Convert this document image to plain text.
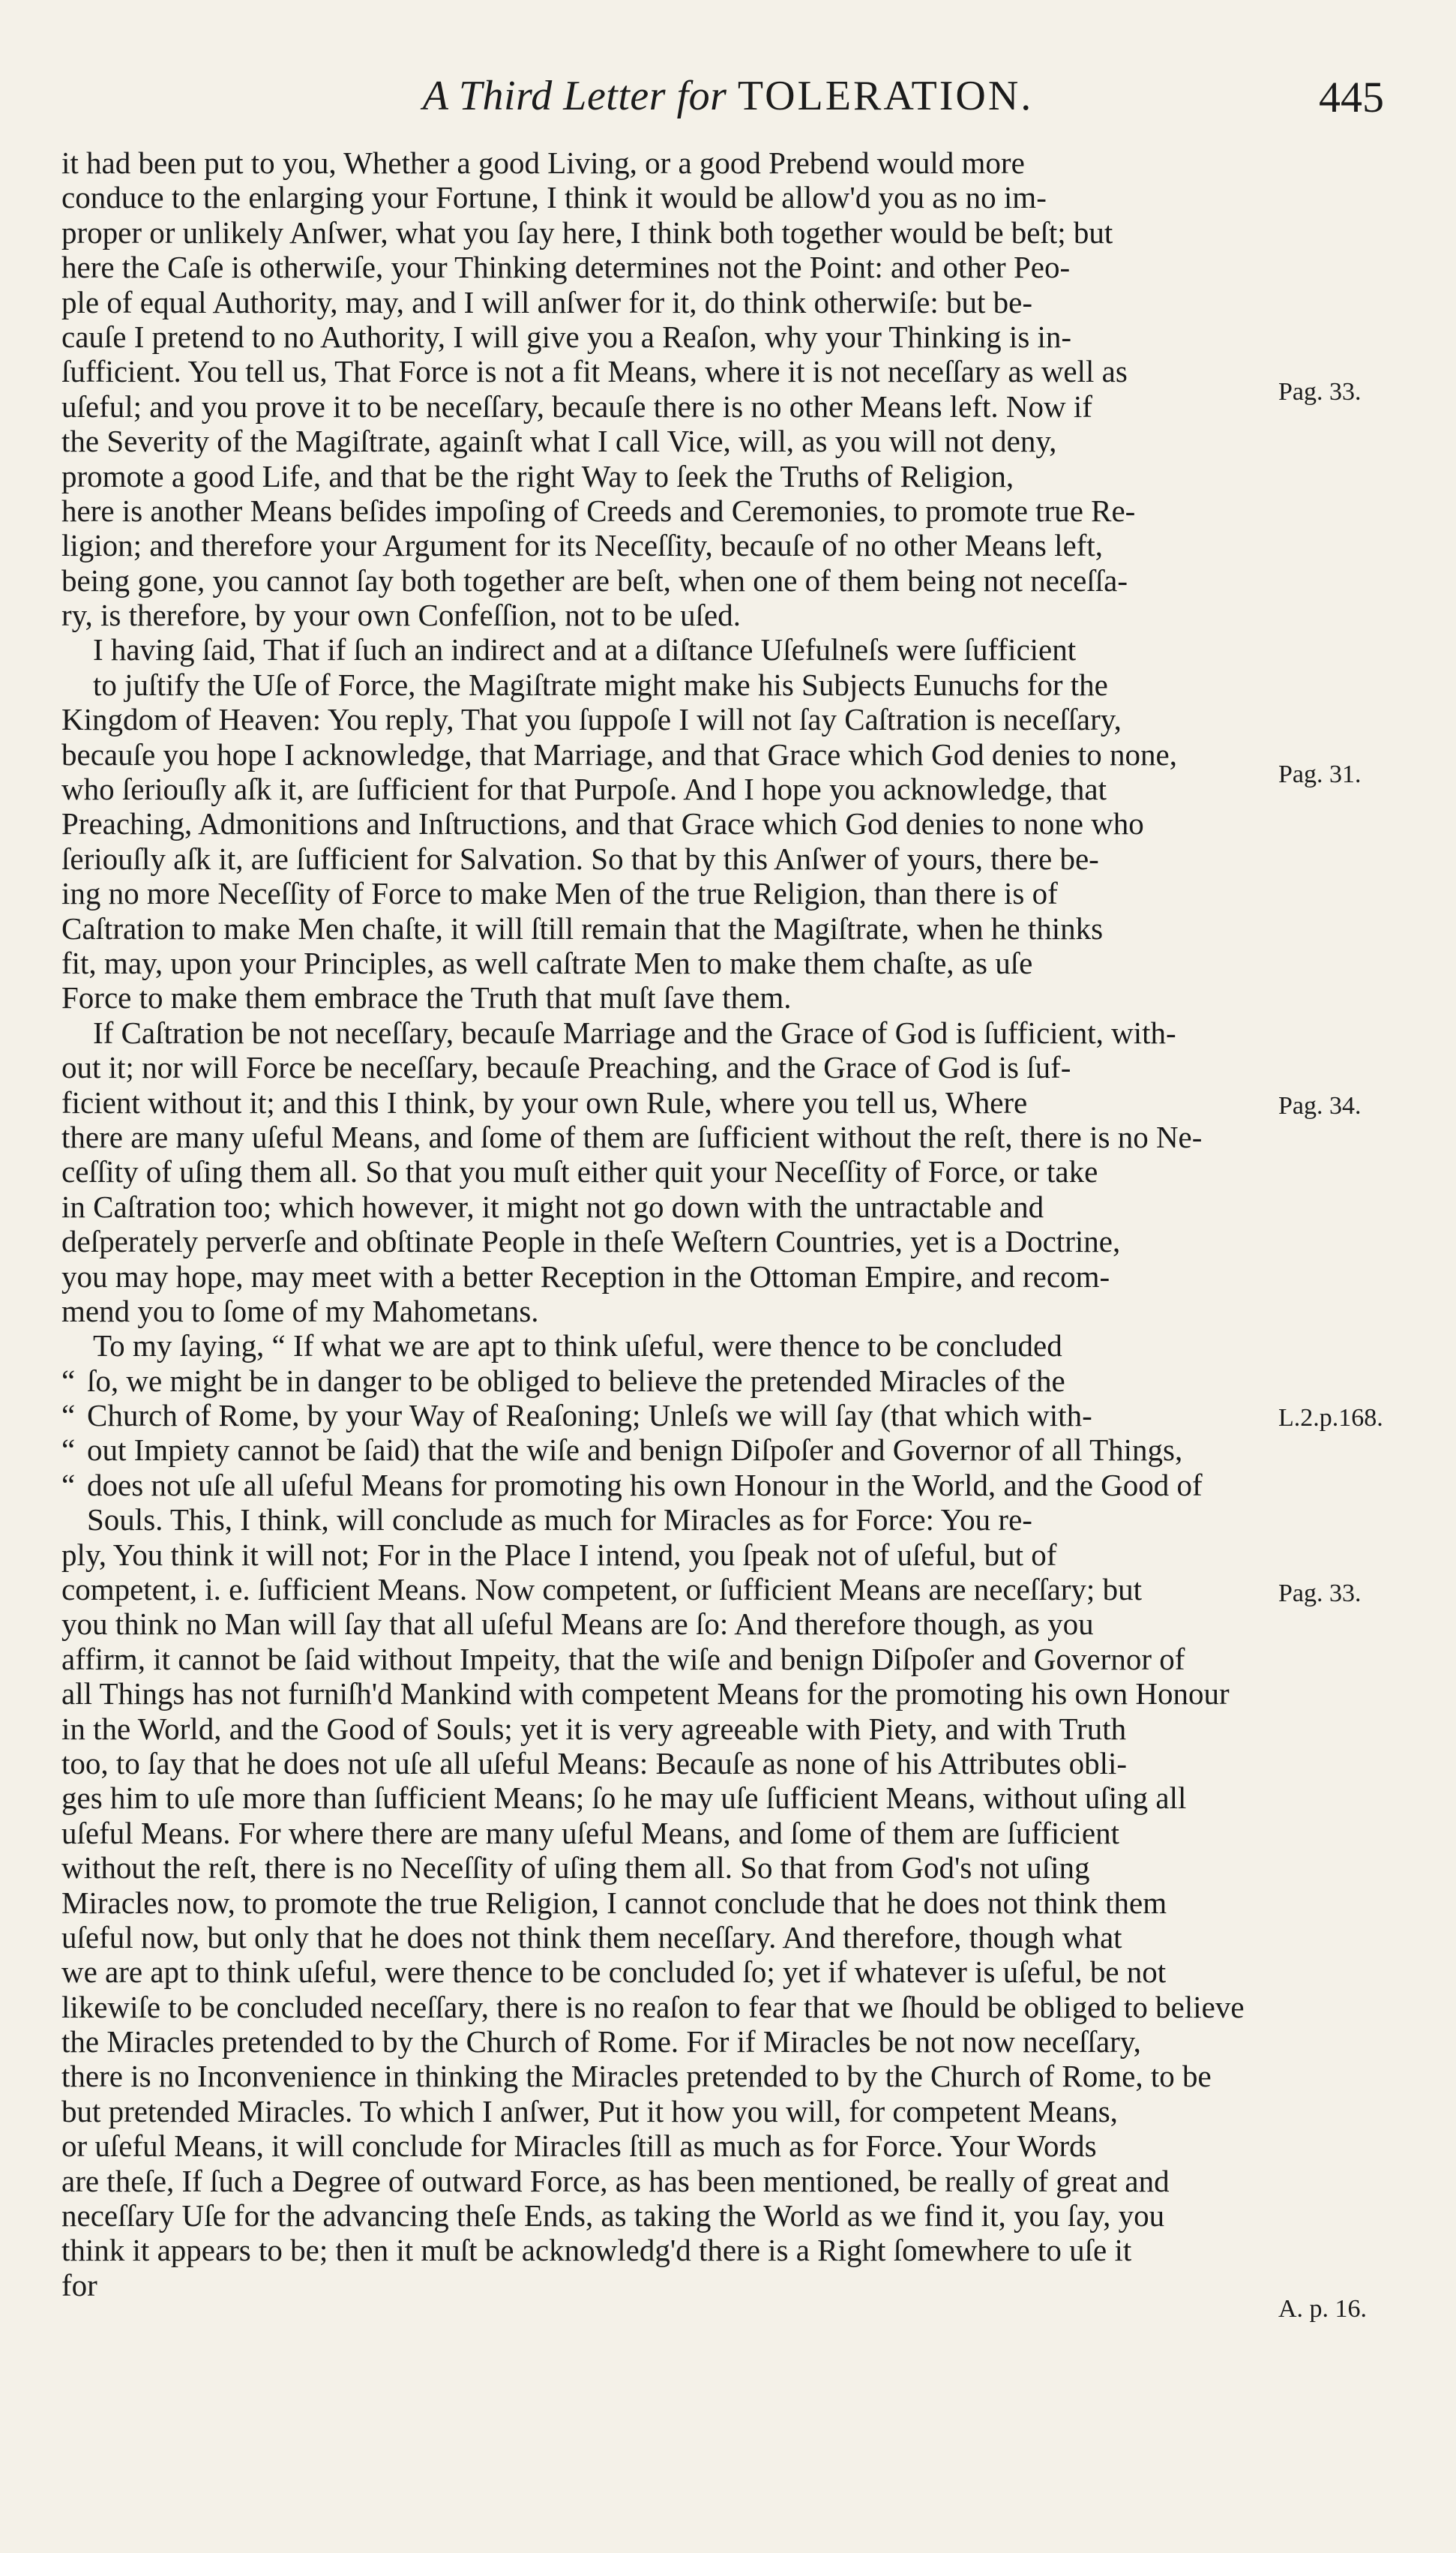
A Third Letter for TOLERATION.	445
it had been put to you, Whether a good Living, or a good Prebend would more
conduce to the enlarging your Fortune, I think it would be allow'd you as no im-
proper or unlikely Anſwer, what you ſay here, I think both together would be beſt; but
here the Caſe is otherwiſe, your Thinking determines not the Point: and other Peo-
ple of equal Authority, may, and I will anſwer for it, do think otherwiſe: but be-
cauſe I pretend to no Authority, I will give you a Reaſon, why your Thinking is in-
ſufficient. You tell us, That Force is not a fit Means, where it is not neceſſary as well as
uſeful; and you prove it to be neceſſary, becauſe there is no other Means left. Now if
the Severity of the Magiſtrate, againſt what I call Vice, will, as you will not deny,
promote a good Life, and that be the right Way to ſeek the Truths of Religion,
here is another Means beſides impoſing of Creeds and Ceremonies, to promote true Re-
ligion; and therefore your Argument for its Neceſſity, becauſe of no other Means left,
being gone, you cannot ſay both together are beſt, when one of them being not neceſſa-
ry, is therefore, by your own Confeſſion, not to be uſed.
I having ſaid, That if ſuch an indirect and at a diſtance Uſefulneſs were ſufficient
to juſtify the Uſe of Force, the Magiſtrate might make his Subjects Eunuchs for the
Kingdom of Heaven: You reply, That you ſuppoſe I will not ſay Caſtration is neceſſary,
becauſe you hope I acknowledge, that Marriage, and that Grace which God denies to none,
who ſeriouſly aſk it, are ſufficient for that Purpoſe. And I hope you acknowledge, that
Preaching, Admonitions and Inſtructions, and that Grace which God denies to none who
ſeriouſly aſk it, are ſufficient for Salvation. So that by this Anſwer of yours, there be-
ing no more Neceſſity of Force to make Men of the true Religion, than there is of
Caſtration to make Men chaſte, it will ſtill remain that the Magiſtrate, when he thinks
fit, may, upon your Principles, as well caſtrate Men to make them chaſte, as uſe
Force to make them embrace the Truth that muſt ſave them.
If Caſtration be not neceſſary, becauſe Marriage and the Grace of God is ſufficient, with-
out it; nor will Force be neceſſary, becauſe Preaching, and the Grace of God is ſuf-
ficient without it; and this I think, by your own Rule, where you tell us, Where
there are many uſeful Means, and ſome of them are ſufficient without the reſt, there is no Ne-
ceſſity of uſing them all. So that you muſt either quit your Neceſſity of Force, or take
in Caſtration too; which however, it might not go down with the untractable and
deſperately perverſe and obſtinate People in theſe Weſtern Countries, yet is a Doctrine,
you may hope, may meet with a better Reception in the Ottoman Empire, and recom-
mend you to ſome of my Mahometans.
To my ſaying, “ If what we are apt to think uſeful, were thence to be concluded
“ ſo, we might be in danger to be obliged to believe the pretended Miracles of the
“ Church of Rome, by your Way of Reaſoning; Unleſs we will ſay (that which with-
“ out Impiety cannot be ſaid) that the wiſe and benign Diſpoſer and Governor of all Things,
“ does not uſe all uſeful Means for promoting his own Honour in the World, and the Good of
Souls. This, I think, will conclude as much for Miracles as for Force: You re-
ply, You think it will not; For in the Place I intend, you ſpeak not of uſeful, but of
competent, i. e. ſufficient Means. Now competent, or ſufficient Means are neceſſary; but
you think no Man will ſay that all uſeful Means are ſo: And therefore though, as you
affirm, it cannot be ſaid without Impeity, that the wiſe and benign Diſpoſer and Governor of
all Things has not furniſh'd Mankind with competent Means for the promoting his own Honour
in the World, and the Good of Souls; yet it is very agreeable with Piety, and with Truth
too, to ſay that he does not uſe all uſeful Means: Becauſe as none of his Attributes obli-
ges him to uſe more than ſufficient Means; ſo he may uſe ſufficient Means, without uſing all
uſeful Means. For where there are many uſeful Means, and ſome of them are ſufficient
without the reſt, there is no Neceſſity of uſing them all. So that from God's not uſing
Miracles now, to promote the true Religion, I cannot conclude that he does not think them
uſeful now, but only that he does not think them neceſſary. And therefore, though what
we are apt to think uſeful, were thence to be concluded ſo; yet if whatever is uſeful, be not
likewiſe to be concluded neceſſary, there is no reaſon to fear that we ſhould be obliged to believe
the Miracles pretended to by the Church of Rome. For if Miracles be not now neceſſary,
there is no Inconvenience in thinking the Miracles pretended to by the Church of Rome, to be
but pretended Miracles. To which I anſwer, Put it how you will, for competent Means,
or uſeful Means, it will conclude for Miracles ſtill as much as for Force. Your Words
are theſe, If ſuch a Degree of outward Force, as has been mentioned, be really of great and
neceſſary Uſe for the advancing theſe Ends, as taking the World as we find it, you ſay, you
think it appears to be; then it muſt be acknowledg'd there is a Right ſomewhere to uſe it
for
Pag. 33.
Pag. 31.
Pag. 34.
L.2.p.168.
Pag. 33.
A. p. 16.
